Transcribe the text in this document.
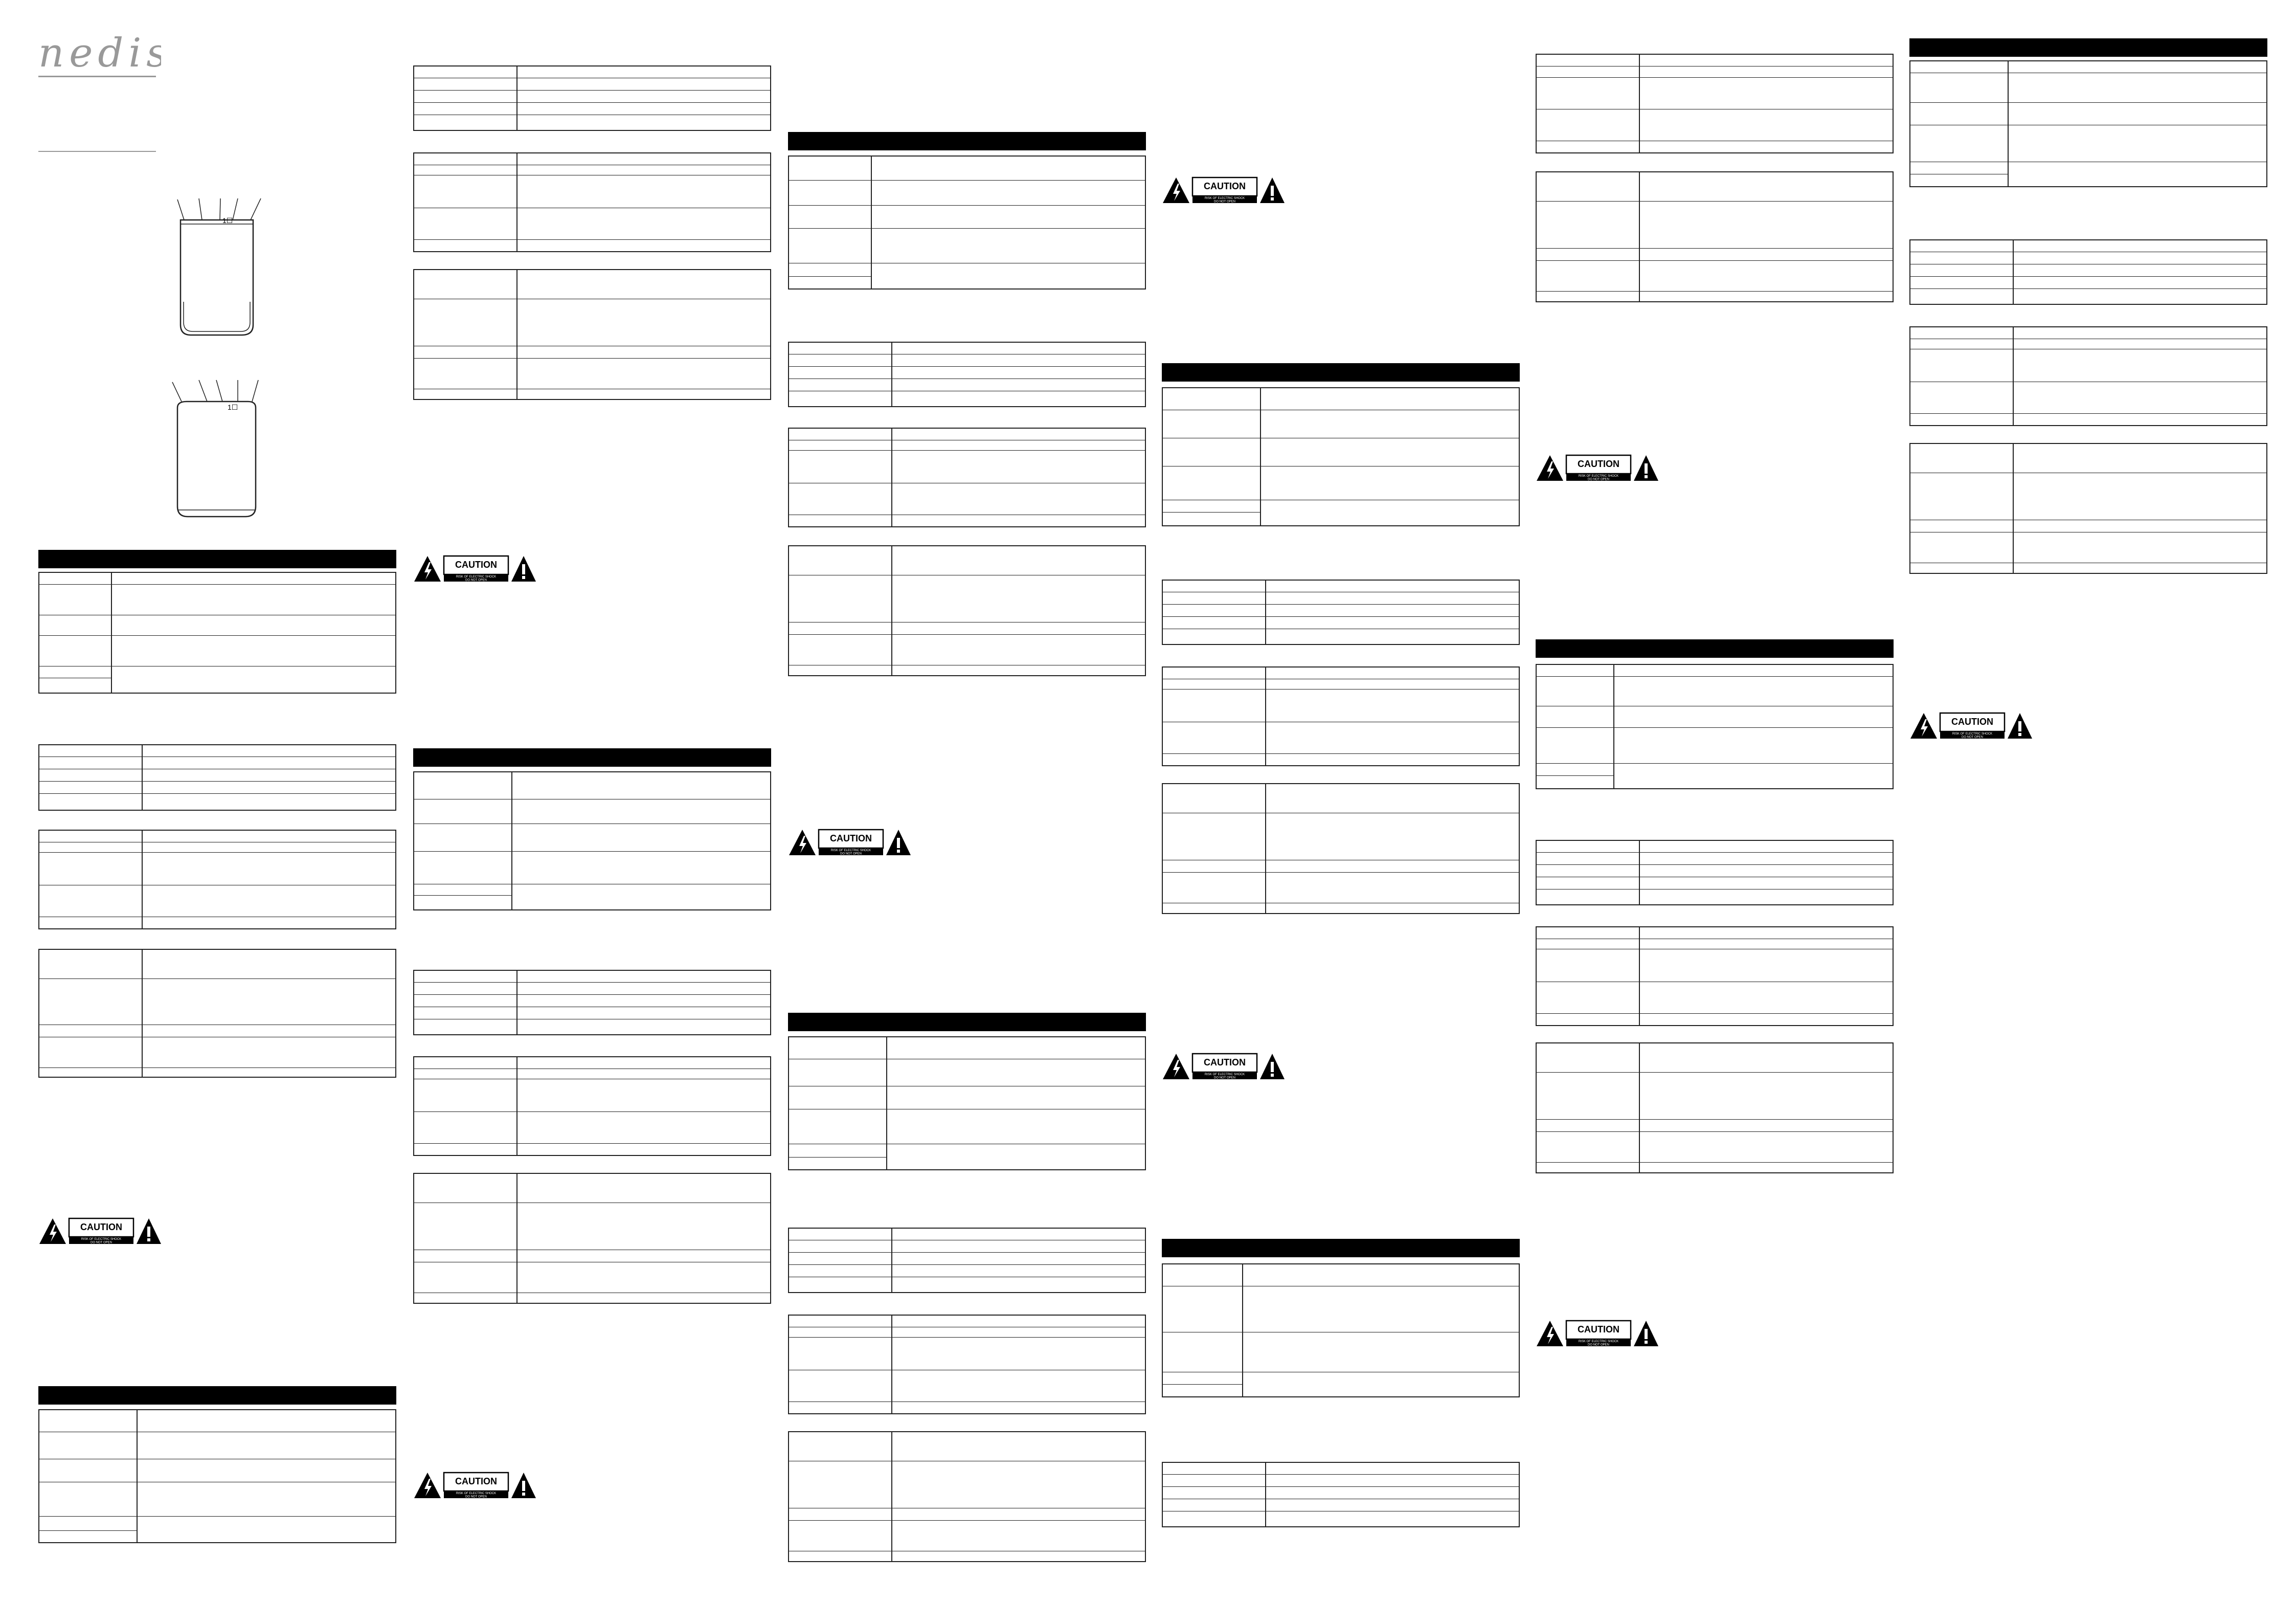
nedis
1☐
1☐
CAUTION
RISK OF ELECTRIC SHOCK
DO NOT OPEN
CAUTION
RISK OF ELECTRIC SHOCK
DO NOT OPEN
CAUTION
RISK OF ELECTRIC SHOCK
DO NOT OPEN
CAUTION
RISK OF ELECTRIC SHOCK
DO NOT OPEN
CAUTION
RISK OF ELECTRIC SHOCK
DO NOT OPEN
CAUTION
RISK OF ELECTRIC SHOCK
DO NOT OPEN
CAUTION
RISK OF ELECTRIC SHOCK
DO NOT OPEN
CAUTION
RISK OF ELECTRIC SHOCK
DO NOT OPEN
CAUTION
RISK OF ELECTRIC SHOCK
DO NOT OPEN
